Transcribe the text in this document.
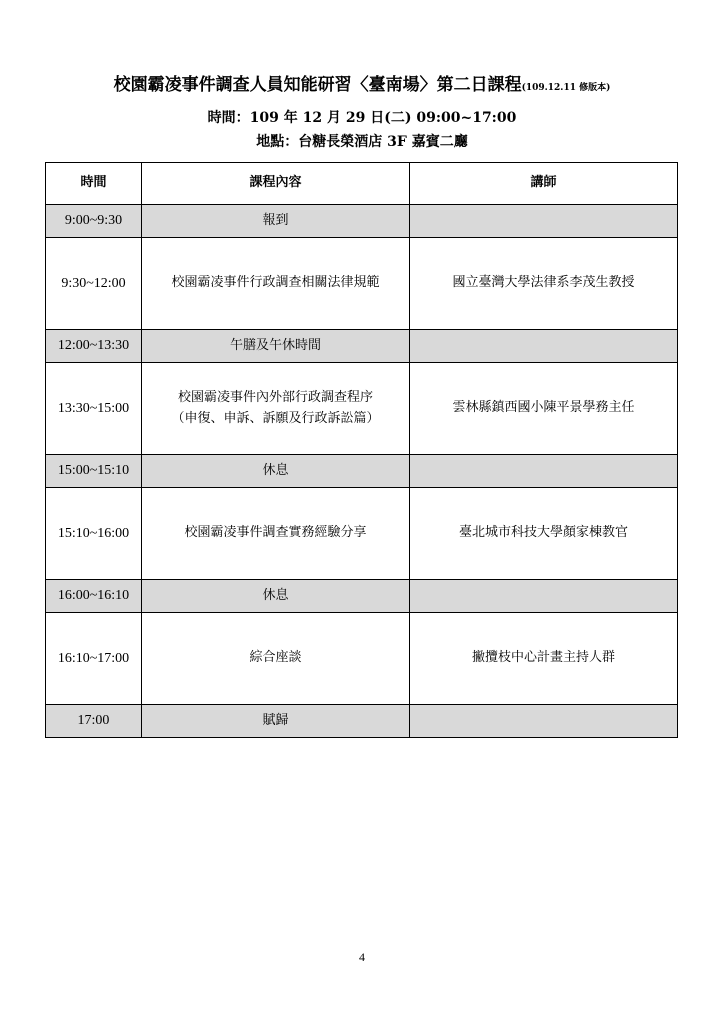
校園霸凌事件調查人員知能研習〈臺南場〉第二日課程(109.12.11 修版本)
時間：109 年 12 月 29 日(二) 09:00~17:00
地點：台糖長榮酒店 3F 嘉賓二廳
時間	課程內容	講師
9:00~9:30	報到	

9:30~12:00	校園霸凌事件行政調查相關法律規範	國立臺灣大學法律系李茂生教授
12:00~13:30	午膳及午休時間	

13:30~15:00	校園霸凌事件內外部行政調查程序
（申復、申訴、訴願及行政訴訟篇）	雲林縣鎮西國小陳平景學務主任
15:00~15:10	休息	

15:10~16:00	校園霸凌事件調查實務經驗分享	臺北城市科技大學顏家棟教官
16:00~16:10	休息	

16:10~17:00	綜合座談	撇攬枝中心計畫主持人群
17:00	賦歸	

4
